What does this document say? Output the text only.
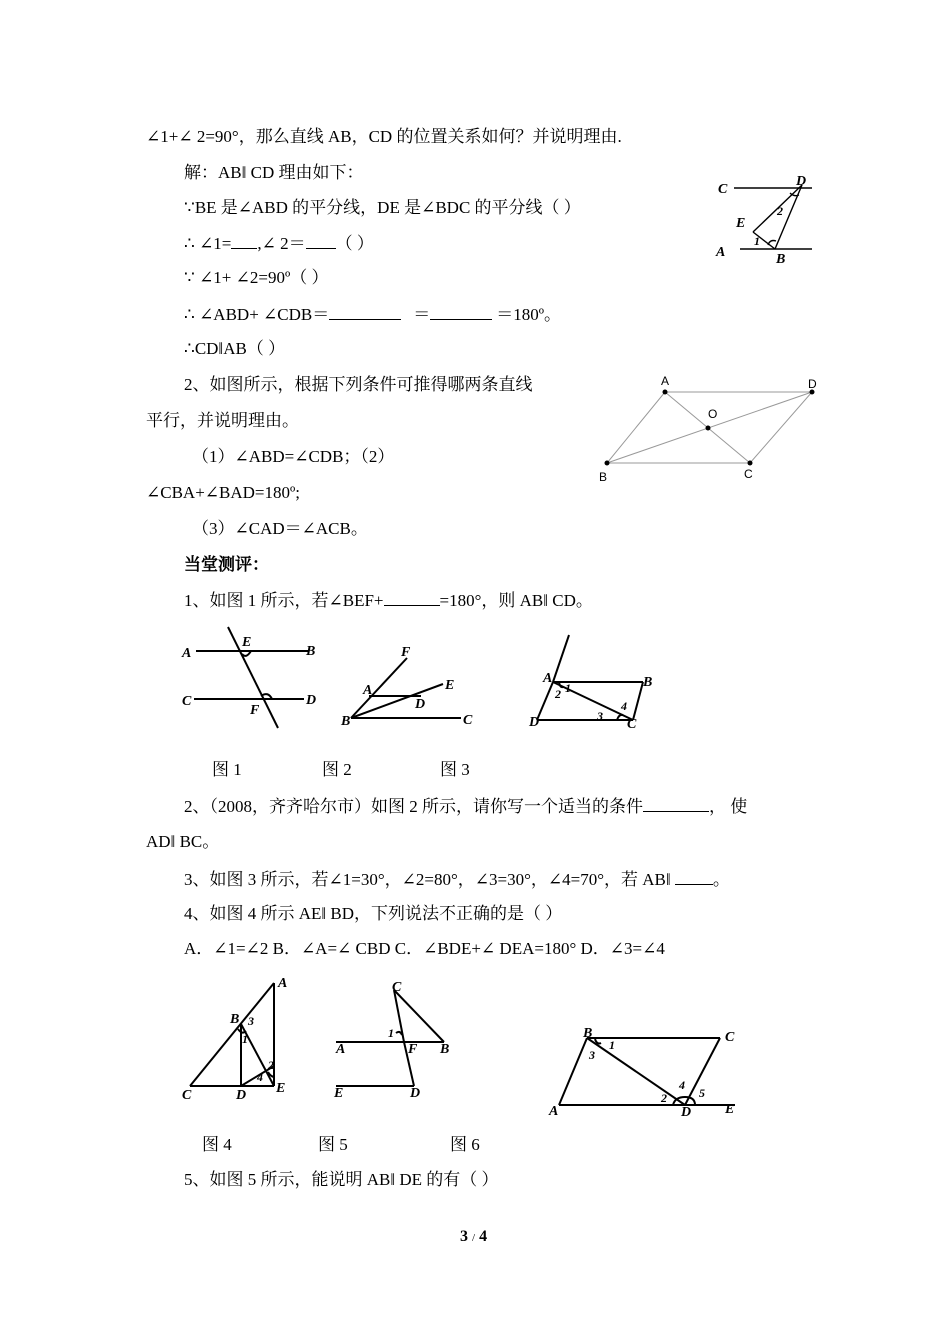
∠1+∠ 2=90°，那么直线 AB，CD 的位置关系如何？并说明理由.
解：AB‖ CD 理由如下：
∵BE 是∠ABD 的平分线，DE 是∠BDC 的平分线（ ）
∴ ∠1= ,∠ 2＝ （ ）
∵ ∠1+ ∠2=90º（ ）
∴ ∠ABD+ ∠CDB＝	＝	＝180º。
∴CD‖AB（ ）
2、如图所示，根据下列条件可推得哪两条直线
平行，并说明理由。
（1）∠ABD=∠CDB；（2）
∠CBA+∠BAD=180º;
（3）∠CAD＝∠ACB。
当堂测评：
1、如图 1 所示，若∠BEF+	=180°，则 AB‖ CD。
图 1	图 2	图 3
2、（2008，齐齐哈尔市）如图 2 所示，请你写一个适当的条件	， 使
AD‖ BC。
3、如图 3 所示，若∠1=30°，∠2=80°，∠3=30°，∠4=70°，若 AB‖ 。
4、如图 4 所示 AE‖ BD，下列说法不正确的是（ ）
A．∠1=∠2 B．∠A=∠ CBD C．∠BDE+∠ DEA=180° D．∠3=∠4
图 4	图 5	图 6
5、如图 5 所示，能说明 AB‖ DE 的有（ ）
3 / 4
C
D
E
2
1
A	B
A	D
O
B	C
A
E
B
C
F
D
F
E
A
D
B	C
A	B
1
2
D	3
4
C
A
B 3
1
2
4
C	D E
C
1
A	F B
E	D
B	C
3
1
4
5
2
A	D E
